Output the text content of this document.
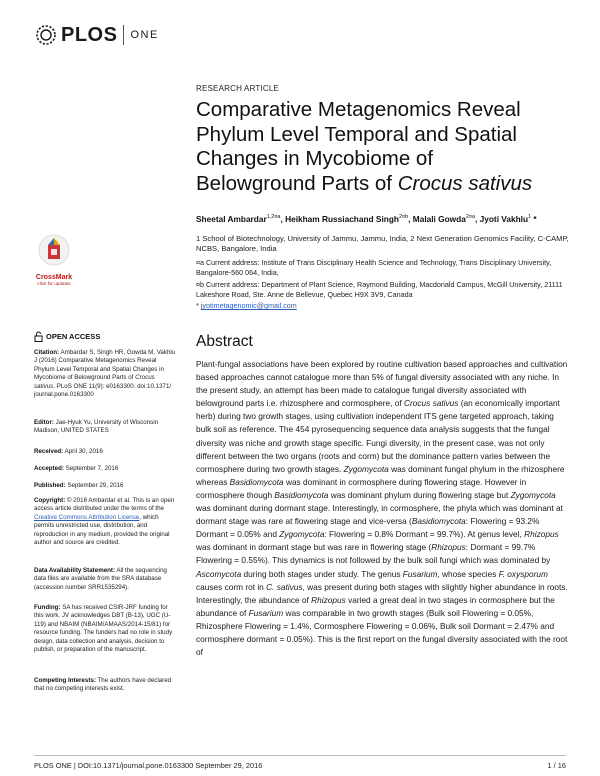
PLOS ONE
RESEARCH ARTICLE
Comparative Metagenomics Reveal Phylum Level Temporal and Spatial Changes in Mycobiome of Belowground Parts of Crocus sativus
Sheetal Ambardar$^{1,2¤a}$, Heikham Russiachand Singh$^{2¤b}$, Malali Gowda$^{2¤a}$, Jyoti Vakhlu$^1$ *
1 School of Biotechnology, University of Jammu, Jammu, India, 2 Next Generation Genomics Facility, C-CAMP, NCBS, Bangalore, India
¤a Current address: Institute of Trans Disciplinary Health Science and Technology, Trans Disciplinary University, Bangalore-560 064, India,
¤b Current address: Department of Plant Science, Raymond Building, Macdonald Campus, McGill University, 21111 Lakeshore Road, Ste. Anne de Bellevue, Quebec H9X 3V9, Canada
* jyotimetagenomic@gmail.com
CrossMark
click for updates
OPEN ACCESS
Citation: Ambardar S, Singh HR, Gowda M, Vakhlu J (2016) Comparative Metagenomics Reveal Phylum Level Temporal and Spatial Changes in Mycobiome of Belowground Parts of Crocus sativus. PLoS ONE 11(9): e0163300. doi:10.1371/ journal.pone.0163300
Editor: Jae-Hyuk Yu, University of Wisconsin Madison, UNITED STATES
Received: April 30, 2016
Accepted: September 7, 2016
Published: September 29, 2016
Copyright: © 2016 Ambardar et al. This is an open access article distributed under the terms of the Creative Commons Attribution License, which permits unrestricted use, distribution, and reproduction in any medium, provided the original author and source are credited.
Data Availability Statement: All the sequencing data files are available from the SRA database (accession number SRR1535294).
Funding: SA has received CSIR-JRF funding for this work. JV acknowledges DBT (B-13), UGC (U-119) and NBAIM (NBAIM/AMAAS/2014-15/81) for resource funding. The funders had no role in study design, data collection and analysis, decision to publish, or preparation of the manuscript.
Competing Interests: The authors have declared that no competing interests exist.
Abstract
Plant-fungal associations have been explored by routine cultivation based approaches and cultivation based approaches cannot catalogue more than 5% of fungal diversity associated with any niche. In the present study, an attempt has been made to catalogue fungal diversity associated with belowground parts i.e. rhizosphere and cormosphere, of Crocus sativus (an economically important herb) during two growth stages, using cultivation independent ITS gene targeted approach, taking bulk soil as reference. The 454 pyrosequencing sequence data analysis suggests that the fungal diversity was niche and growth stage specific. Fungi diversity, in the present case, was not only different between the two organs (roots and corm) but the dominance pattern varies between the cormosphere during two growth stages. Zygomycota was dominant fungal phylum in the rhizosphere whereas Basidiomycota was dominant in cormosphere during flowering stage. However in cormosphere though Basidiomycota was dominant phylum during flowering stage but Zygomycota was dominant during dormant stage. Interestingly, in cormosphere, the phyla which was dominant at dormant stage was rare at flowering stage and vice-versa (Basidiomycota: Flowering = 93.2% Dormant = 0.05% and Zygomycota: Flowering = 0.8% Dormant = 99.7%). At genus level, Rhizopus was dominant in dormant stage but was rare in flowering stage (Rhizopus: Dormant = 99.7% Flowering = 0.55%). This dynamics is not followed by the bulk soil fungi which was dominated by Ascomycota during both stages under study. The genus Fusarium, whose species F. oxysporum causes corm rot in C. sativus, was present during both stages with slightly higher abundance in roots. Interestingly, the abundance of Rhizopus varied a great deal in two stages in cormosphere but the abundance of Fusarium was comparable in two growth stages (Bulk soil Flowering = 0.05%, Rhizosphere Flowering = 1.4%, Cormosphere Flowering = 0.06%, Bulk soil Dormant = 2.47% and cormosphere dormant = 0.05%). This is the first report on the fungal diversity associated with the root of
PLOS ONE | DOI:10.1371/journal.pone.0163300 September 29, 2016	1 / 16
